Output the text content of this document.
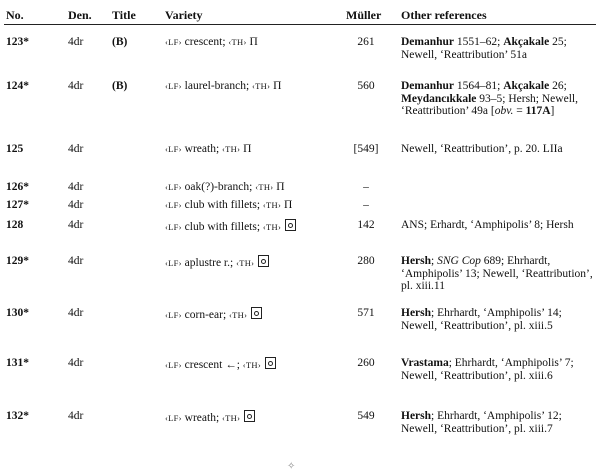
No.	Den. Title Variety	Müller Other references
123*	4dr (B)	‹LF› crescent; ‹TH› Π	261	Demanhur 1551–62; Akçakale 25; Newell, ‘Reattribution’ 51a
124*	4dr (B)	‹LF› laurel-branch; ‹TH› Π	560	Demanhur 1564–81; Akçakale 26; Meydancıkkale 93–5; Hersh; Newell, ‘Reattribution’ 49a [obv. = 117A]
125	4dr	‹LF› wreath; ‹TH› Π	[549]	Newell, ‘Reattribution’, p. 20. LIIa
126*	4dr	‹LF› oak(?)-branch; ‹TH› Π	–
127*	4dr	‹LF› club with fillets; ‹TH› Π	–
128	4dr	‹LF› club with fillets; ‹TH›	142	ANS; Erhardt, ‘Amphipolis’ 8; Hersh
129*	4dr	‹LF› aplustre r.; ‹TH›	280	Hersh; SNG Cop 689; Ehrhardt, ‘Amphipolis’ 13; Newell, ‘Reattribution’, pl. xiii.11
130*	4dr	‹LF› corn-ear; ‹TH›	571	Hersh; Ehrhardt, ‘Amphipolis’ 14; Newell, ‘Reattribution’, pl. xiii.5
131*	4dr	‹LF› crescent ←; ‹TH›	260	Vrastama; Ehrhardt, ‘Amphipolis’ 7; Newell, ‘Reattribution’, pl. xiii.6
132*	4dr	‹LF› wreath; ‹TH›	549	Hersh; Ehrhardt, ‘Amphipolis’ 12; Newell, ‘Reattribution’, pl. xiii.7
✧
